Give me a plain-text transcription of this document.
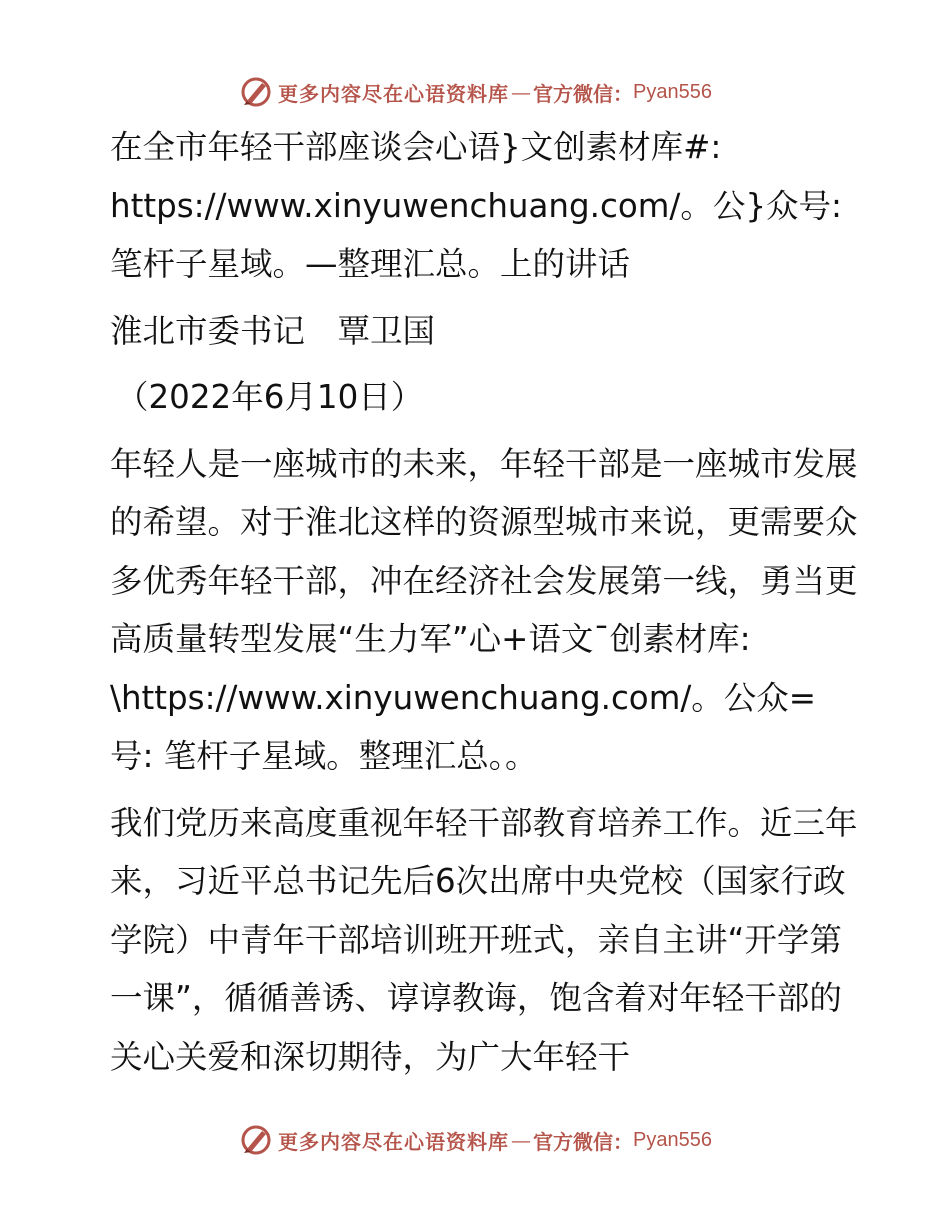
更多内容尽在心语资料库 — 官方微信： Pyan556

在全市年轻干部座谈会心语}文创素材库#: https://www.xinyuwenchuang.com/。公}众号: 笔杆子星域。—整理汇总。上的讲话

淮北市委书记　覃卫国

（2022年6月10日）

年轻人是一座城市的未来，年轻干部是一座城市发展的希望。对于淮北这样的资源型城市来说，更需要众多优秀年轻干部，冲在经济社会发展第一线，勇当更高质量转型发展“生力军”心+语文¯创素材库: \https://www.xinyuwenchuang.com/。公众=号: 笔杆子星域。整理汇总。。

我们党历来高度重视年轻干部教育培养工作。近三年来，习近平总书记先后6次出席中央党校（国家行政学院）中青年干部培训班开班式，亲自主讲“开学第一课”，循循善诱、谆谆教诲，饱含着对年轻干部的关心关爱和深切期待，为广大年轻干

更多内容尽在心语资料库 — 官方微信： Pyan556
